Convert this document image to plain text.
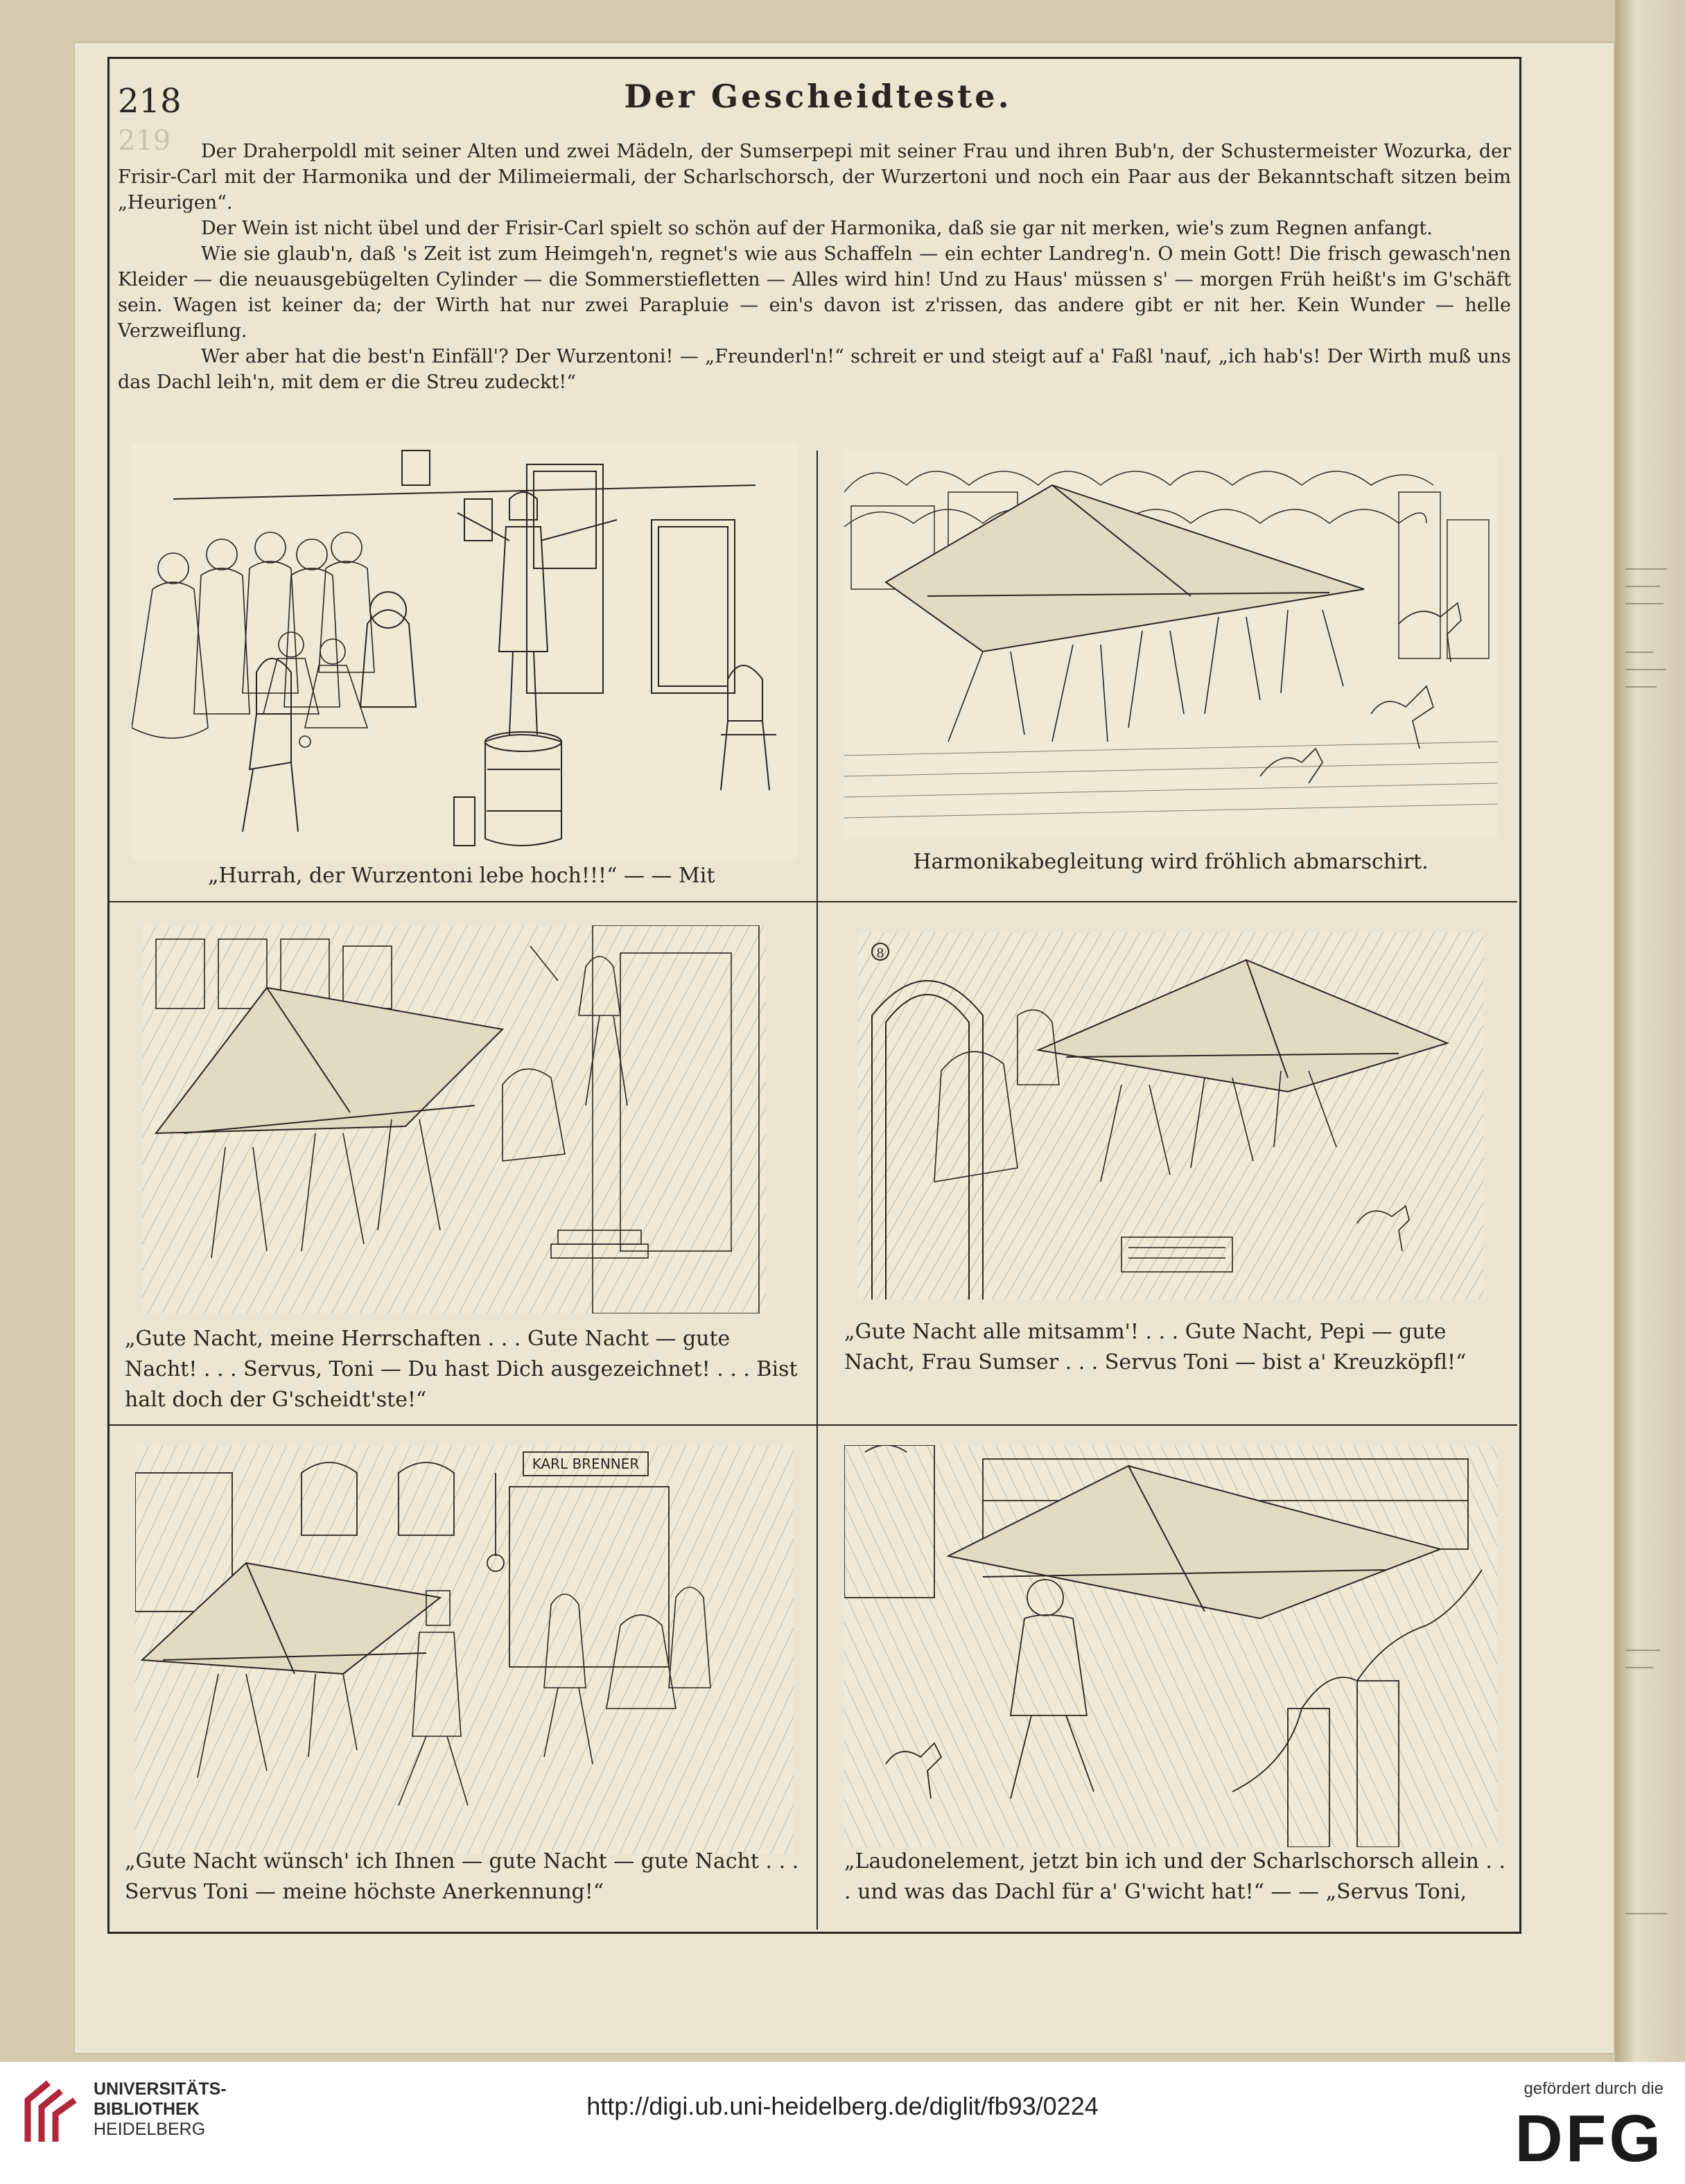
218	Der Gescheidteste.
219	Der Draherpoldl mit seiner Alten und zwei Mädeln, der Sumserpepi mit seiner Frau und ihren Bub'n, der Schustermeister Wozurka, der Frisir-Carl mit der Harmonika und der Milimeiermali, der Scharlschorsch, der Wurzertoni und noch ein Paar aus der Bekanntschaft sitzen beim „Heurigen“.

Der Wein ist nicht übel und der Frisir-Carl spielt so schön auf der Harmonika, daß sie gar nit merken, wie's zum Regnen anfangt.

Wie sie glaub'n, daß 's Zeit ist zum Heimgeh'n, regnet's wie aus Schaffeln — ein echter Landreg'n. O mein Gott! Die frisch gewasch'nen Kleider — die neuausgebügelten Cylinder — die Sommerstiefletten — Alles wird hin! Und zu Haus' müssen s' — morgen Früh heißt's im G'schäft sein. Wagen ist keiner da; der Wirth hat nur zwei Parapluie — ein's davon ist z'rissen, das andere gibt er nit her. Kein Wunder — helle Verzweiflung.

Wer aber hat die best'n Einfäll'? Der Wurzentoni! — „Freunderl'n!“ schreit er und steigt auf a' Faßl 'nauf, „ich hab's! Der Wirth muß uns das Dachl leih'n, mit dem er die Streu zudeckt!“

„Hurrah, der Wurzentoni lebe hoch!!!“ — — Mit
Harmonikabegleitung wird fröhlich abmarschirt.
„Gute Nacht, meine Herrschaften . . . Gute Nacht — gute Nacht! . . . Servus, Toni — Du hast Dich ausgezeichnet! . . . Bist halt doch der G'scheidt'ste!“
8
„Gute Nacht alle mitsamm'! . . . Gute Nacht, Pepi — gute Nacht, Frau Sumser . . . Servus Toni — bist a' Kreuzköpfl!“
KARL BRENNER
„Gute Nacht wünsch' ich Ihnen — gute Nacht — gute Nacht . . . Servus Toni — meine höchste Anerkennung!“
„Laudonelement, jetzt bin ich und der Scharlschorsch allein . . . und was das Dachl für a' G'wicht hat!“ — — „Servus Toni,
UNIVERSITÄTS-
BIBLIOTHEK
HEIDELBERG
http://digi.ub.uni-heidelberg.de/diglit/fb93/0224
gefördert durch die
DFG
